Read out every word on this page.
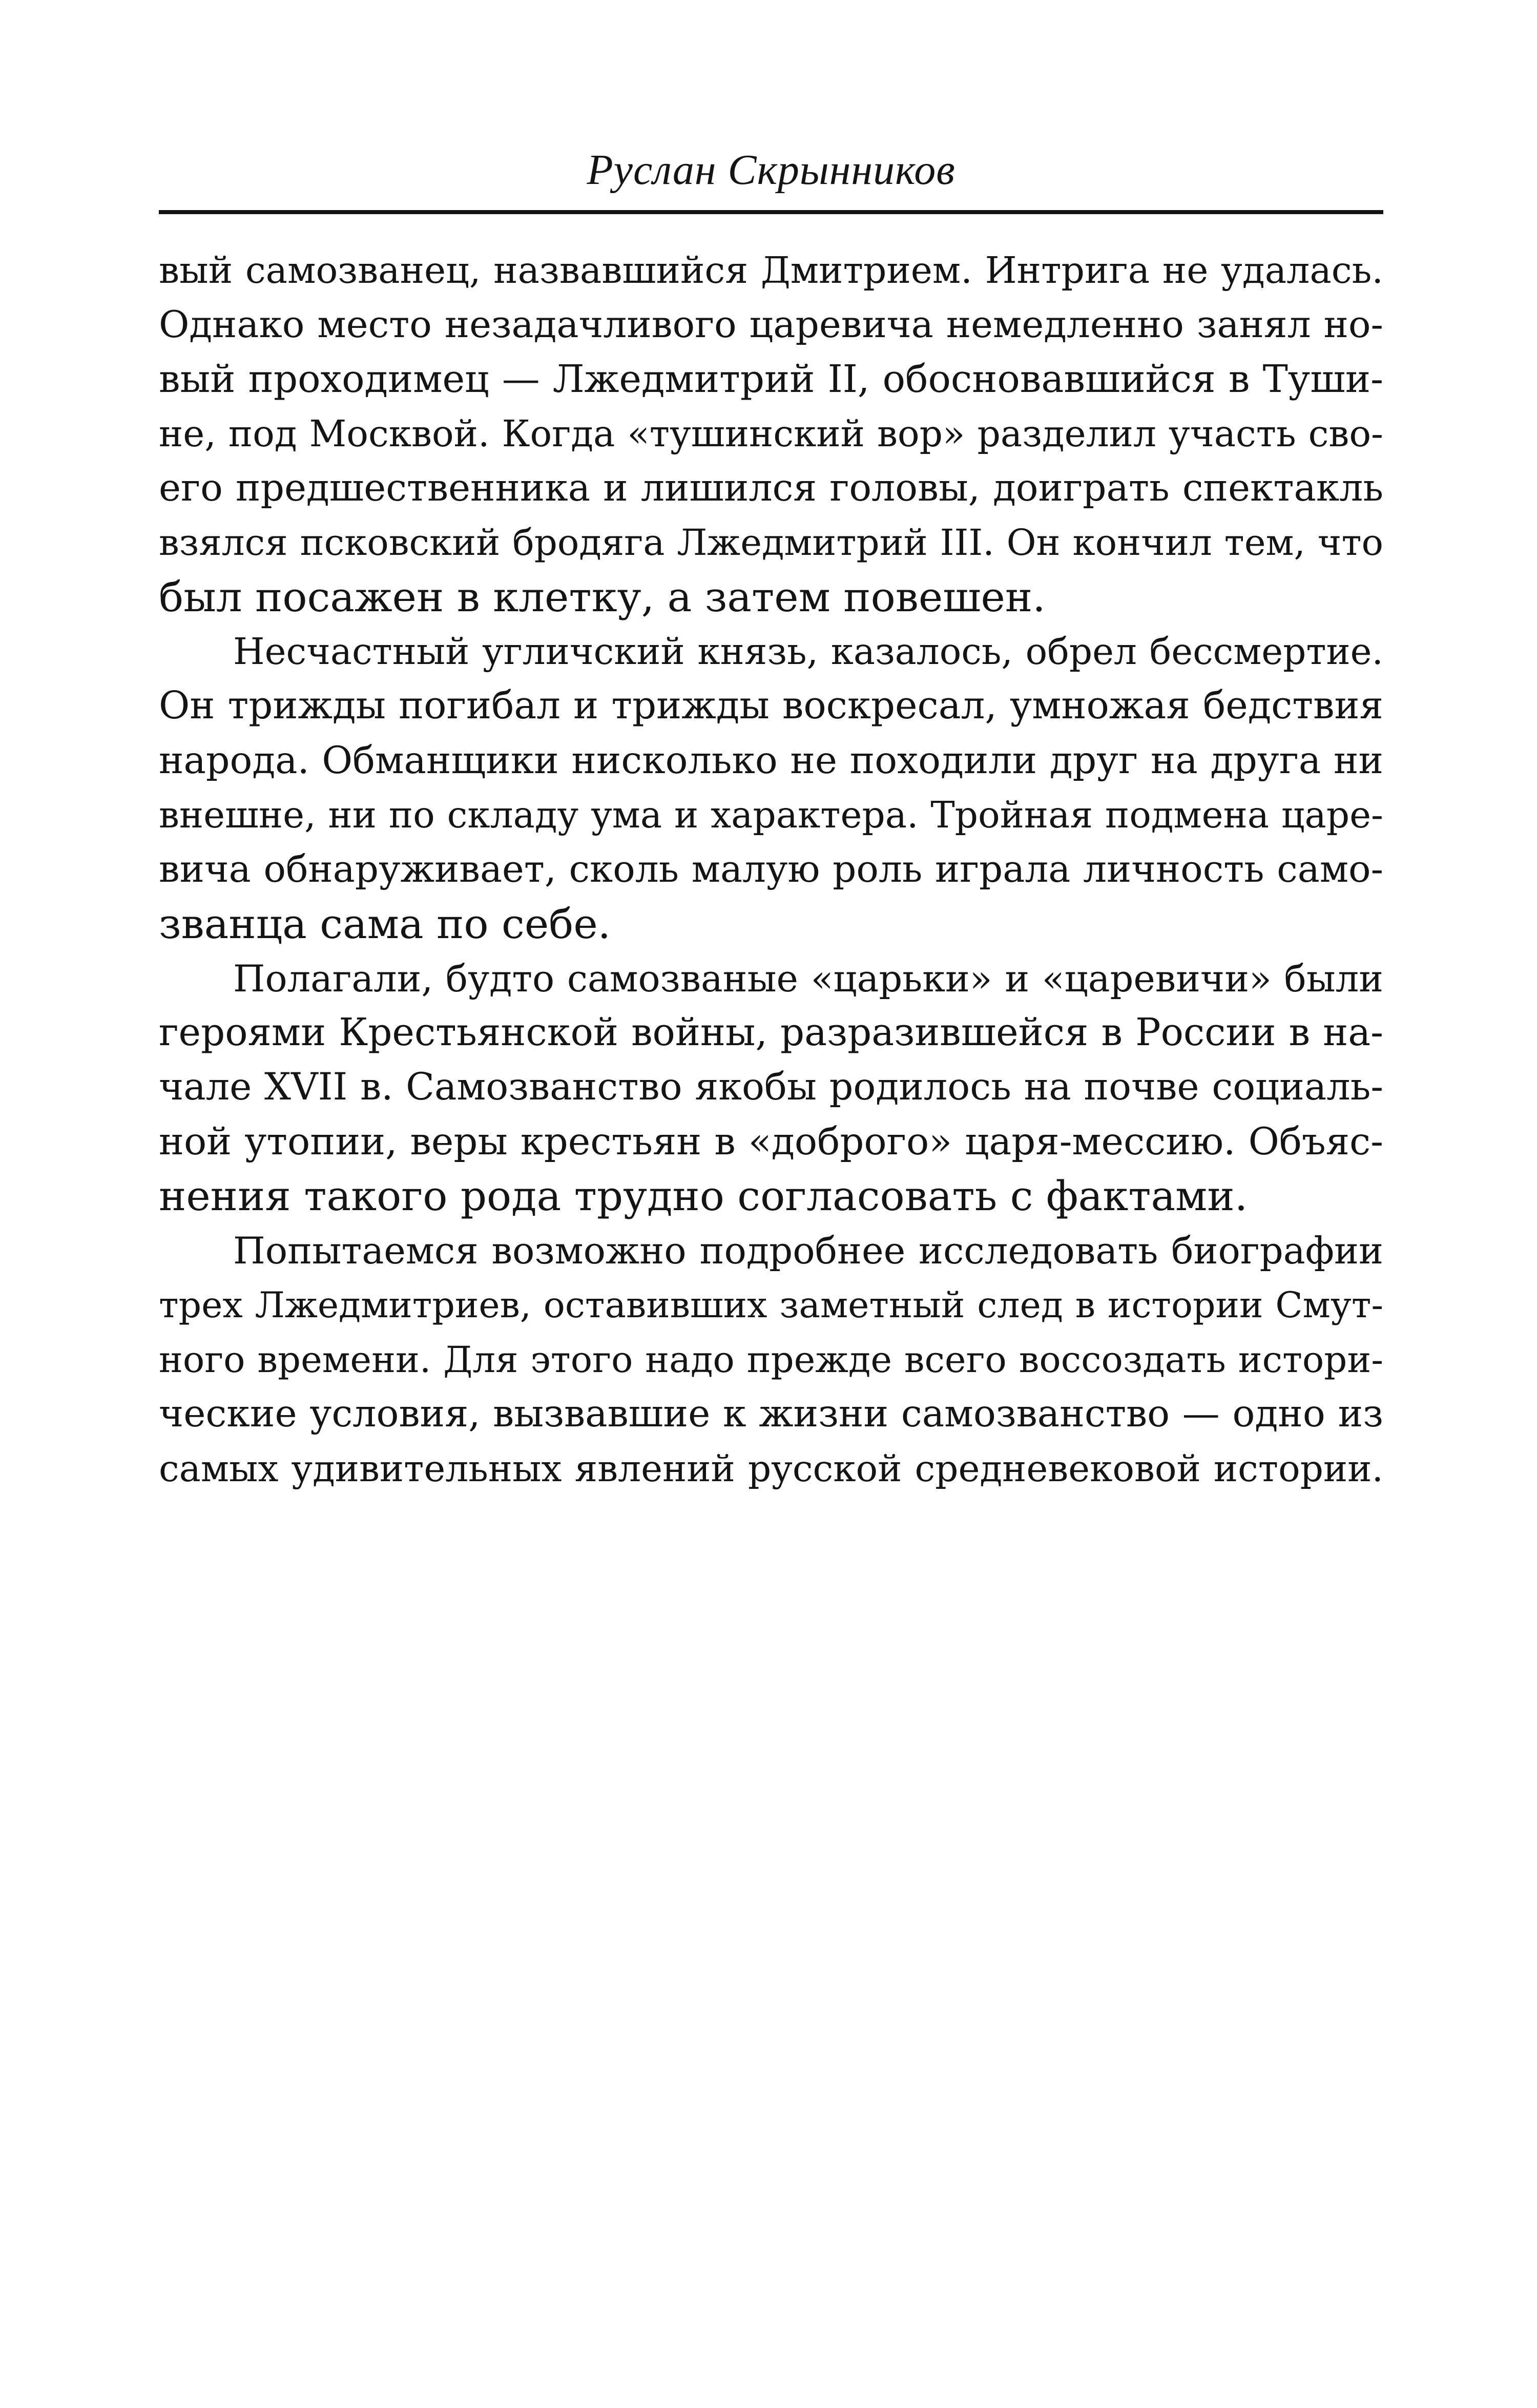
Руслан Скрынников
вый самозванец, назвавшийся Дмитрием. Интрига не удалась.
Однако место незадачливого царевича немедленно занял но-
вый проходимец — Лжедмитрий II, обосновавшийся в Туши-
не, под Москвой. Когда «тушинский вор» разделил участь сво-
его предшественника и лишился головы, доиграть спектакль
взялся псковский бродяга Лжедмитрий III. Он кончил тем, что
был посажен в клетку, а затем повешен.
Несчастный угличский князь, казалось, обрел бессмертие.
Он трижды погибал и трижды воскресал, умножая бедствия
народа. Обманщики нисколько не походили друг на друга ни
внешне, ни по складу ума и характера. Тройная подмена царе-
вича обнаруживает, сколь малую роль играла личность само-
званца сама по себе.
Полагали, будто самозваные «царьки» и «царевичи» были
героями Крестьянской войны, разразившейся в России в на-
чале XVII в. Самозванство якобы родилось на почве социаль-
ной утопии, веры крестьян в «доброго» царя-мессию. Объяс-
нения такого рода трудно согласовать с фактами.
Попытаемся возможно подробнее исследовать биографии
трех Лжедмитриев, оставивших заметный след в истории Смут-
ного времени. Для этого надо прежде всего воссоздать истори-
ческие условия, вызвавшие к жизни самозванство — одно из
самых удивительных явлений русской средневековой истории.
